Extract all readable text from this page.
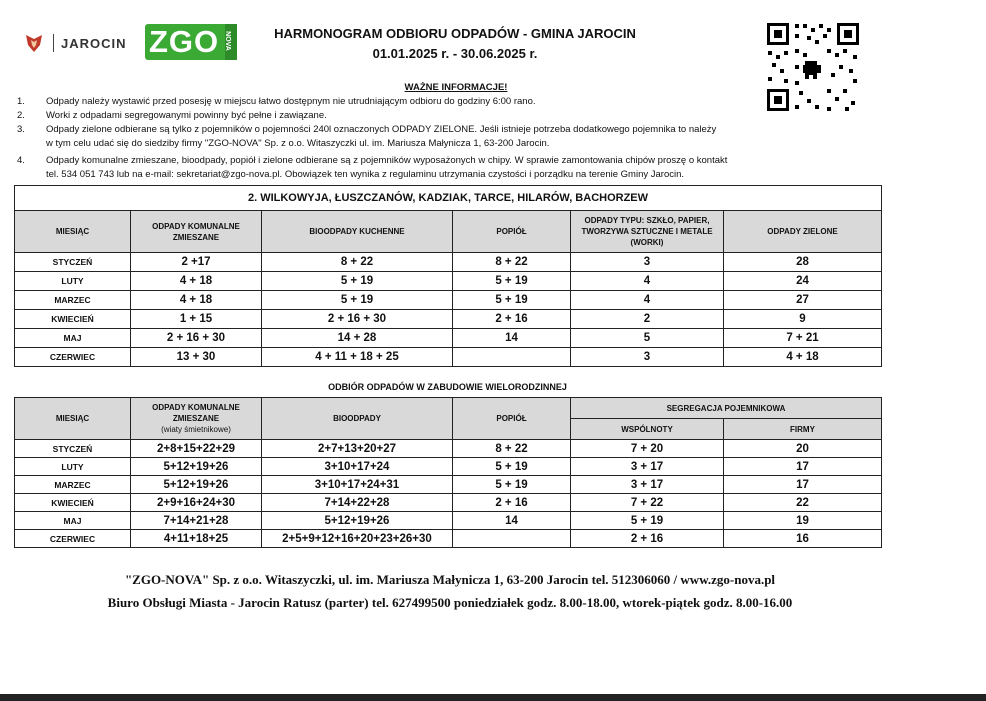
JAROCIN ZGO NOVA	HARMONOGRAM ODBIORU ODPADÓW - GMINA JAROCIN
01.01.2025 r. - 30.06.2025 r.
WAŻNE INFORMACJE!
1. Odpady należy wystawić przed posesję w miejscu łatwo dostępnym nie utrudniającym odbioru do godziny 6:00 rano.
2. Worki z odpadami segregowanymi powinny być pełne i zawiązane.
3. Odpady zielone odbierane są tylko z pojemników o pojemności 240l oznaczonych ODPADY ZIELONE. Jeśli istnieje potrzeba dodatkowego pojemnika to należy
w tym celu udać się do siedziby firmy "ZGO-NOVA" Sp. z o.o. Witaszyczki ul. im. Mariusza Małynicza 1, 63-200 Jarocin.
4. Odpady komunalne zmieszane, bioodpady, popiół i zielone odbierane są z pojemników wyposażonych w chipy. W sprawie zamontowania chipów proszę o kontakt
tel. 534 051 743 lub na e-mail: sekretariat@zgo-nova.pl. Obowiązek ten wynika z regulaminu utrzymania czystości i porządku na terenie Gminy Jarocin.
2. WILKOWYJA, ŁUSZCZANÓW, KADZIAK, TARCE, HILARÓW, BACHORZEW					
MIESIĄC	ODPADY KOMUNALNE ZMIESZANE	BIOODPADY KUCHENNE	POPIÓŁ	ODPADY TYPU: SZKŁO, PAPIER, TWORZYWA SZTUCZNE I METALE (WORKI)	ODPADY ZIELONE
STYCZEŃ	2 +17	8 + 22	8 + 22	3	28
LUTY	4 + 18	5 + 19	5 + 19	4	24
MARZEC	4 + 18	5 + 19	5 + 19	4	27
KWIECIEŃ	1 + 15	2 + 16 + 30	2 + 16	2	9
MAJ	2 + 16 + 30	14 + 28	14	5	7 + 21
CZERWIEC	13 + 30	4 + 11 + 18 + 25		3	4 + 18
ODBIÓR ODPADÓW W ZABUDOWIE WIELORODZINNEJ
MIESIĄC	ODPADY KOMUNALNE ZMIESZANE
(wiaty śmietnikowe)	BIOODPADY	POPIÓŁ	SEGREGACJA POJEMNIKOWA	
				WSPÓLNOTY	FIRMY
STYCZEŃ	2+8+15+22+29	2+7+13+20+27	8 + 22	7 + 20	20
LUTY	5+12+19+26	3+10+17+24	5 + 19	3 + 17	17
MARZEC	5+12+19+26	3+10+17+24+31	5 + 19	3 + 17	17
KWIECIEŃ	2+9+16+24+30	7+14+22+28	2 + 16	7 + 22	22
MAJ	7+14+21+28	5+12+19+26	14	5 + 19	19
CZERWIEC	4+11+18+25	2+5+9+12+16+20+23+26+30		2 + 16	16
"ZGO-NOVA" Sp. z o.o. Witaszyczki, ul. im. Mariusza Małynicza 1, 63-200 Jarocin tel. 512306060 / www.zgo-nova.pl
Biuro Obsługi Miasta - Jarocin Ratusz (parter) tel. 627499500 poniedziałek godz. 8.00-18.00, wtorek-piątek godz. 8.00-16.00
